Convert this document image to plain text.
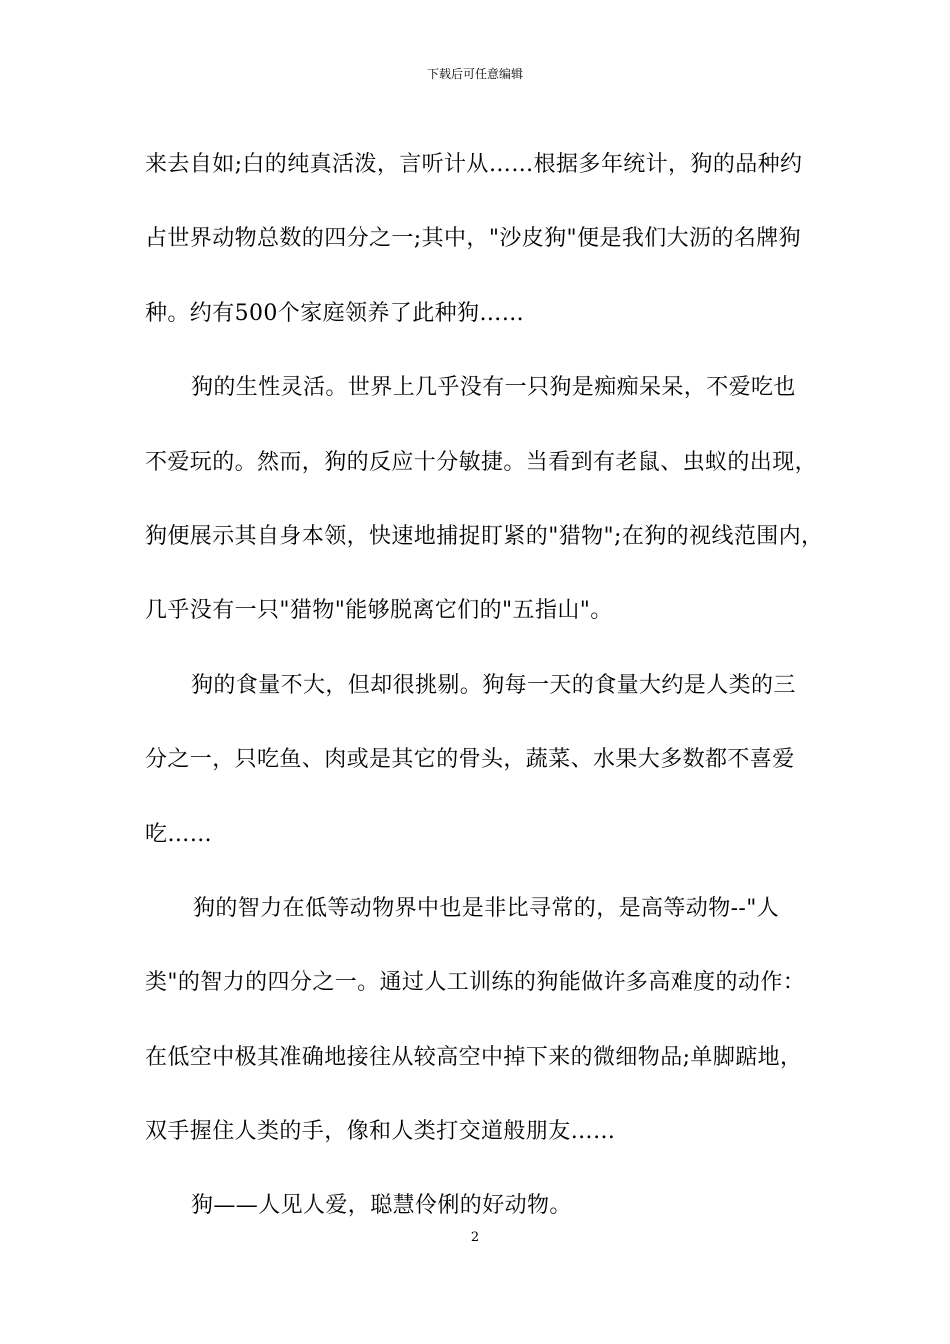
下载后可任意编辑
来去自如;白的纯真活泼，言听计从……根据多年统计，狗的品种约
占世界动物总数的四分之一;其中，"沙皮狗"便是我们大沥的名牌狗
种。约有500个家庭领养了此种狗……
狗的生性灵活。世界上几乎没有一只狗是痴痴呆呆，不爱吃也
不爱玩的。然而，狗的反应十分敏捷。当看到有老鼠、虫蚁的出现，
狗便展示其自身本领，快速地捕捉盯紧的"猎物";在狗的视线范围内，
几乎没有一只"猎物"能够脱离它们的"五指山"。
狗的食量不大，但却很挑剔。狗每一天的食量大约是人类的三
分之一，只吃鱼、肉或是其它的骨头，蔬菜、水果大多数都不喜爱
吃……
狗的智力在低等动物界中也是非比寻常的，是高等动物--"人
类"的智力的四分之一。通过人工训练的狗能做许多高难度的动作：
在低空中极其准确地接往从较高空中掉下来的微细物品;单脚踮地，
双手握住人类的手，像和人类打交道般朋友……
狗——人见人爱，聪慧伶俐的好动物。
2
